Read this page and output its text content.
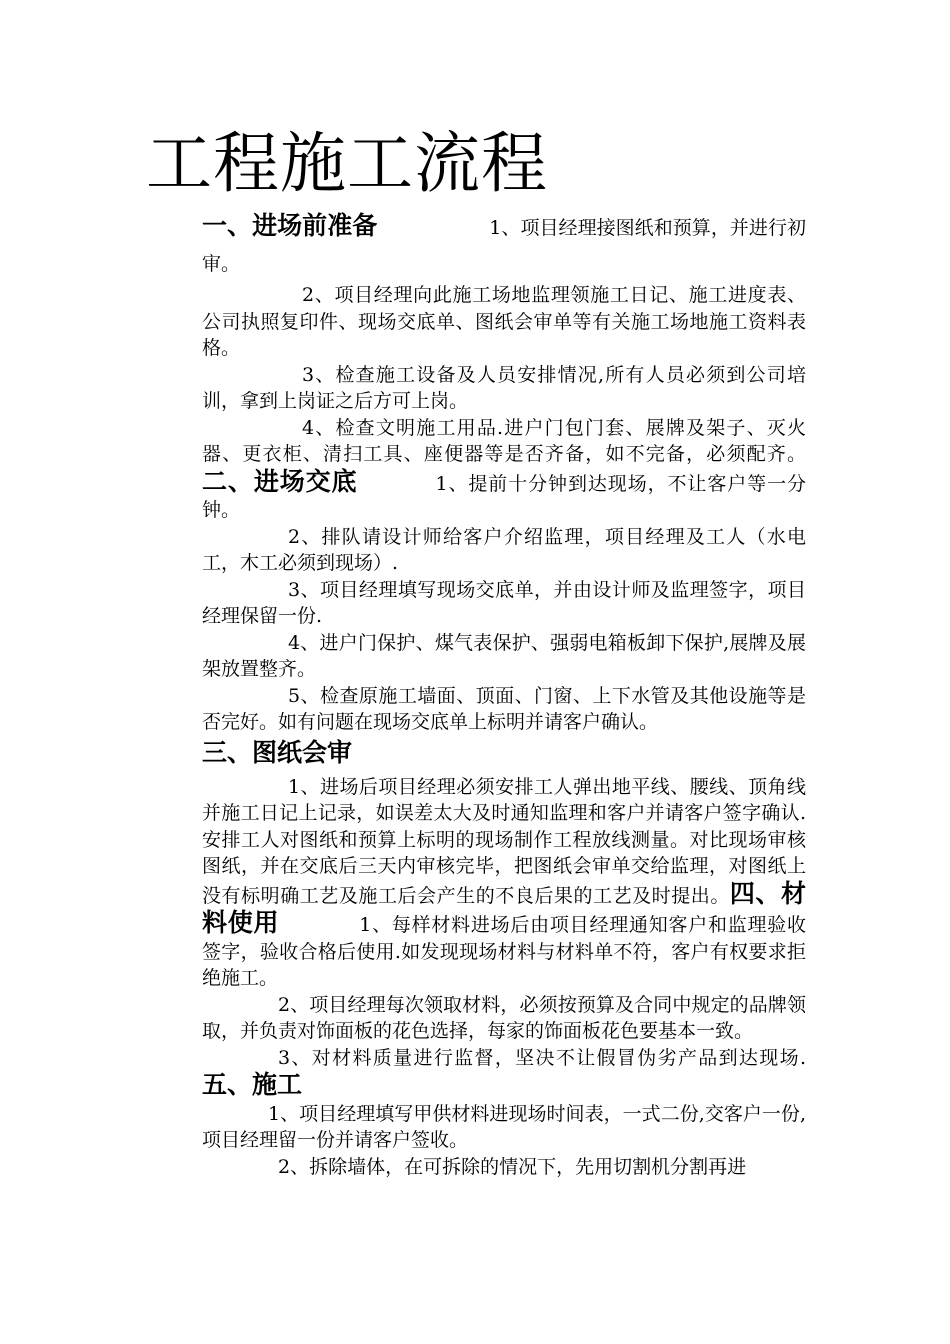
工程施工流程

一、进场前准备	1、项目经理接图纸和预算，并进行初审。

2、项目经理向此施工场地监理领施工日记、施工进度表、公司执照复印件、现场交底单、图纸会审单等有关施工场地施工资料表格。

3、检查施工设备及人员安排情况,所有人员必须到公司培训，拿到上岗证之后方可上岗。

4、检查文明施工用品.进户门包门套、展牌及架子、灭火器、更衣柜、清扫工具、座便器等是否齐备，如不完备，必须配齐。二、进场交底	1、提前十分钟到达现场，不让客户等一分钟。

2、排队请设计师给客户介绍监理，项目经理及工人（水电工，木工必须到现场）.

3、项目经理填写现场交底单，并由设计师及监理签字，项目经理保留一份.

4、进户门保护、煤气表保护、强弱电箱板卸下保护,展牌及展架放置整齐。

5、检查原施工墙面、顶面、门窗、上下水管及其他设施等是否完好。如有问题在现场交底单上标明并请客户确认。

三、图纸会审

1、进场后项目经理必须安排工人弹出地平线、腰线、顶角线并施工日记上记录，如误差太大及时通知监理和客户并请客户签字确认.安排工人对图纸和预算上标明的现场制作工程放线测量。对比现场审核图纸，并在交底后三天内审核完毕，把图纸会审单交给监理，对图纸上没有标明确工艺及施工后会产生的不良后果的工艺及时提出。四、材料使用	1、每样材料进场后由项目经理通知客户和监理验收签字，验收合格后使用.如发现现场材料与材料单不符，客户有权要求拒绝施工。

2、项目经理每次领取材料，必须按预算及合同中规定的品牌领取，并负责对饰面板的花色选择，每家的饰面板花色要基本一致。

3、对材料质量进行监督，坚决不让假冒伪劣产品到达现场.五、施工

1、项目经理填写甲供材料进现场时间表，一式二份,交客户一份,项目经理留一份并请客户签收。

2、拆除墙体，在可拆除的情况下，先用切割机分割再进
